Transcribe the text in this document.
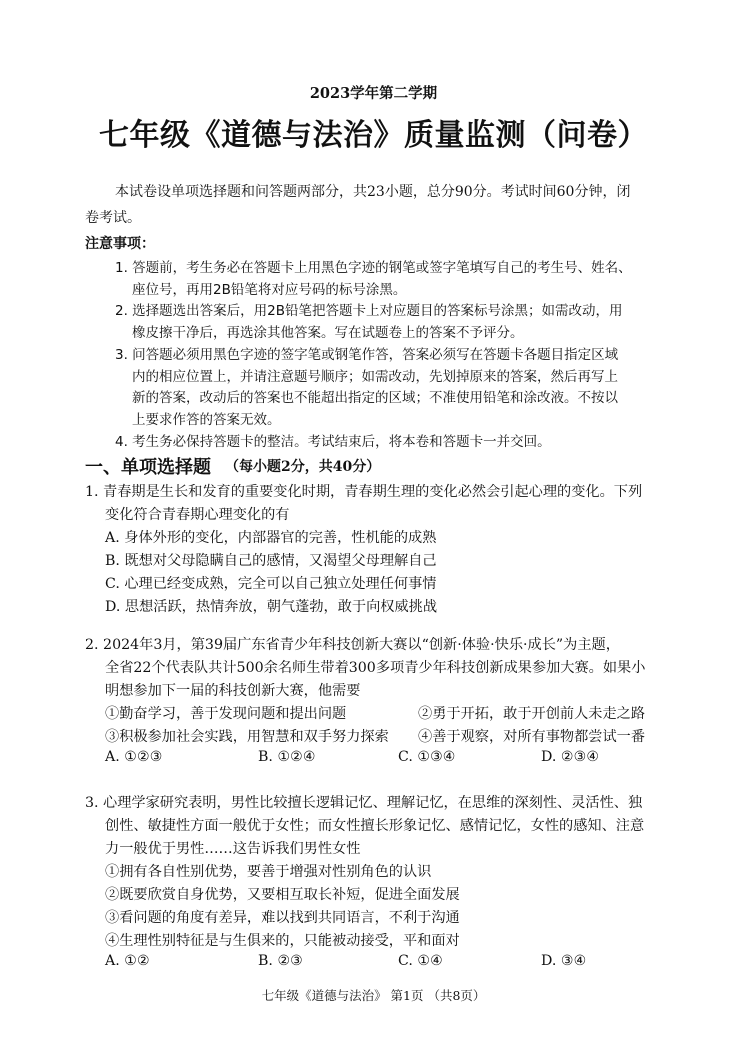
2023学年第二学期
七年级《道德与法治》质量监测（问卷）
本试卷设单项选择题和问答题两部分，共23小题，总分90分。考试时间60分钟，闭
卷考试。
注意事项：
1. 答题前，考生务必在答题卡上用黑色字迹的钢笔或签字笔填写自己的考生号、姓名、
座位号，再用2B铅笔将对应号码的标号涂黑。
2. 选择题选出答案后，用2B铅笔把答题卡上对应题目的答案标号涂黑；如需改动，用
橡皮擦干净后，再选涂其他答案。写在试题卷上的答案不予评分。
3. 问答题必须用黑色字迹的签字笔或钢笔作答，答案必须写在答题卡各题目指定区域
内的相应位置上，并请注意题号顺序；如需改动，先划掉原来的答案，然后再写上
新的答案，改动后的答案也不能超出指定的区域；不准使用铅笔和涂改液。不按以
上要求作答的答案无效。
4. 考生务必保持答题卡的整洁。考试结束后，将本卷和答题卡一并交回。
一、单项选择题 （每小题2分，共40分）
1. 青春期是生长和发育的重要变化时期，青春期生理的变化必然会引起心理的变化。下列
变化符合青春期心理变化的有
A. 身体外形的变化，内部器官的完善，性机能的成熟
B. 既想对父母隐瞒自己的感情，又渴望父母理解自己
C. 心理已经变成熟，完全可以自己独立处理任何事情
D. 思想活跃，热情奔放，朝气蓬勃，敢于向权威挑战
2. 2024年3月，第39届广东省青少年科技创新大赛以“创新·体验·快乐·成长”为主题，
全省22个代表队共计500余名师生带着300多项青少年科技创新成果参加大赛。如果小
明想参加下一届的科技创新大赛，他需要
①勤奋学习，善于发现问题和提出问题	②勇于开拓，敢于开创前人未走之路
③积极参加社会实践，用智慧和双手努力探索 ④善于观察，对所有事物都尝试一番
A. ①②③	B. ①②④	C. ①③④	D. ②③④
3. 心理学家研究表明，男性比较擅长逻辑记忆、理解记忆，在思维的深刻性、灵活性、独
创性、敏捷性方面一般优于女性；而女性擅长形象记忆、感情记忆，女性的感知、注意
力一般优于男性……这告诉我们男性女性
①拥有各自性别优势，要善于增强对性别角色的认识
②既要欣赏自身优势，又要相互取长补短，促进全面发展
③看问题的角度有差异，难以找到共同语言，不利于沟通
④生理性别特征是与生俱来的，只能被动接受，平和面对
A. ①②	B. ②③	C. ①④	D. ③④
七年级《道德与法治》 第1页 （共8页）
